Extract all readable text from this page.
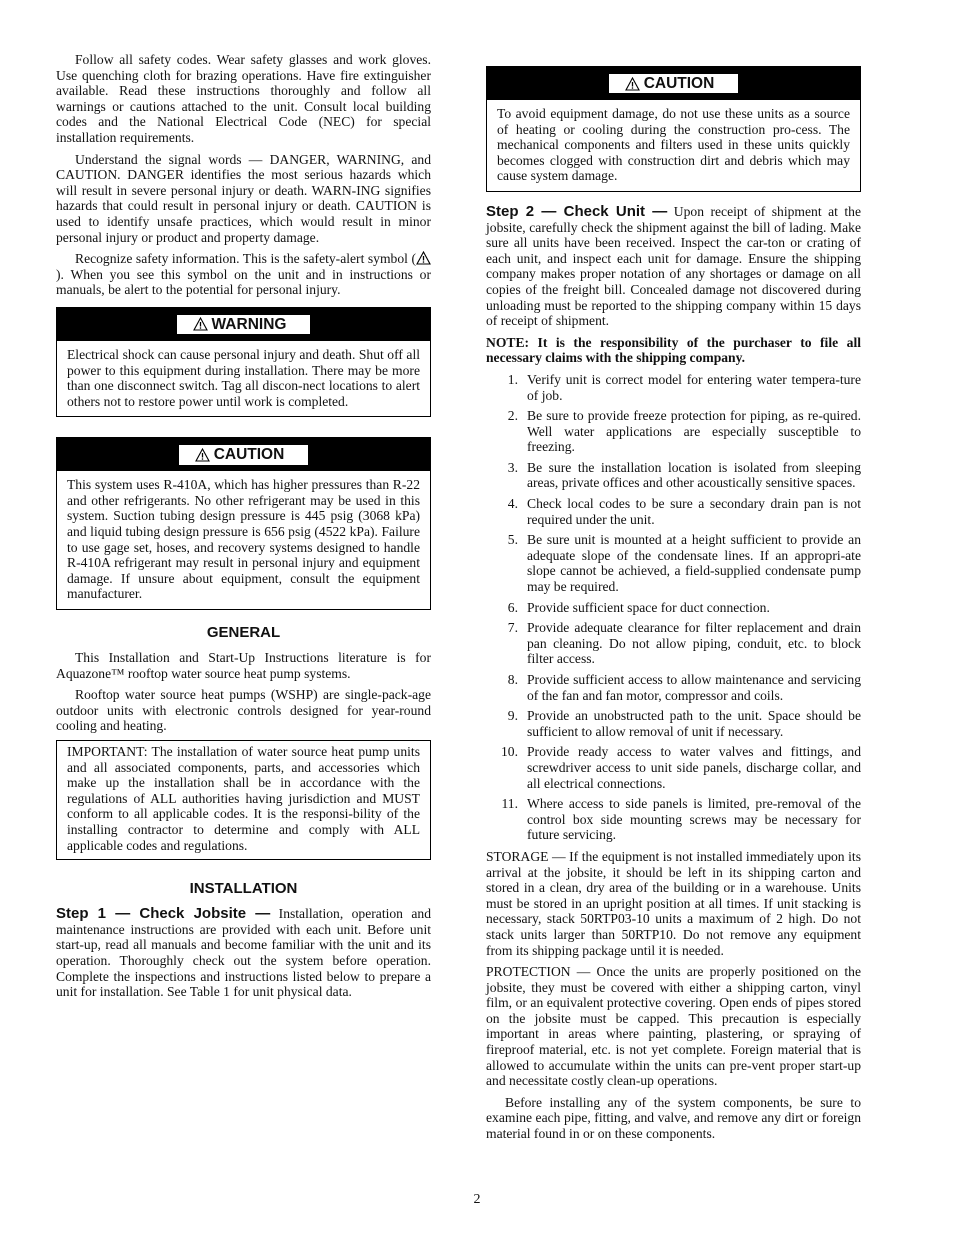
Follow all safety codes. Wear safety glasses and work gloves. Use quenching cloth for brazing operations. Have fire extinguisher available. Read these instructions thoroughly and follow all warnings or cautions attached to the unit. Consult local building codes and the National Electrical Code (NEC) for special installation requirements.

Understand the signal words — DANGER, WARNING, and CAUTION. DANGER identifies the most serious hazards which will result in severe personal injury or death. WARN-ING signifies hazards that could result in personal injury or death. CAUTION is used to identify unsafe practices, which would result in minor personal injury or product and property damage.

Recognize safety information. This is the safety-alert symbol (). When you see this symbol on the unit and in instructions or manuals, be alert to the potential for personal injury.

WARNING
Electrical shock can cause personal injury and death. Shut off all power to this equipment during installation. There may be more than one disconnect switch. Tag all discon-nect locations to alert others not to restore power until work is completed.
CAUTION
This system uses R-410A, which has higher pressures than R-22 and other refrigerants. No other refrigerant may be used in this system. Suction tubing design pressure is 445 psig (3068 kPa) and liquid tubing design pressure is 656 psig (4522 kPa). Failure to use gage set, hoses, and recovery systems designed to handle R-410A refrigerant may result in personal injury and equipment damage. If unsure about equipment, consult the equipment manufacturer.
GENERAL

This Installation and Start-Up Instructions literature is for Aquazone™ rooftop water source heat pump systems.

Rooftop water source heat pumps (WSHP) are single-pack-age outdoor units with electronic controls designed for year-round cooling and heating.

IMPORTANT: The installation of water source heat pump units and all associated components, parts, and accessories which make up the installation shall be in accordance with the regulations of ALL authorities having jurisdiction and MUST conform to all applicable codes. It is the responsi-bility of the installing contractor to determine and comply with ALL applicable codes and regulations.
INSTALLATION

Step 1 — Check Jobsite — Installation, operation and maintenance instructions are provided with each unit. Before unit start-up, read all manuals and become familiar with the unit and its operation. Thoroughly check out the system before operation. Complete the inspections and instructions listed below to prepare a unit for installation. See Table 1 for unit physical data.

CAUTION
To avoid equipment damage, do not use these units as a source of heating or cooling during the construction pro-cess. The mechanical components and filters used in these units quickly becomes clogged with construction dirt and debris which may cause system damage.

Step 2 — Check Unit — Upon receipt of shipment at the jobsite, carefully check the shipment against the bill of lading. Make sure all units have been received. Inspect the car-ton or crating of each unit, and inspect each unit for damage. Ensure the shipping company makes proper notation of any shortages or damage on all copies of the freight bill. Concealed damage not discovered during unloading must be reported to the shipping company within 15 days of receipt of shipment.

NOTE: It is the responsibility of the purchaser to file all necessary claims with the shipping company.

1. Verify unit is correct model for entering water tempera-ture of job.
2. Be sure to provide freeze protection for piping, as re-quired. Well water applications are especially susceptible to freezing.
3. Be sure the installation location is isolated from sleeping areas, private offices and other acoustically sensitive spaces.
4. Check local codes to be sure a secondary drain pan is not required under the unit.
5. Be sure unit is mounted at a height sufficient to provide an adequate slope of the condensate lines. If an appropri-ate slope cannot be achieved, a field-supplied condensate pump may be required.
6. Provide sufficient space for duct connection.
7. Provide adequate clearance for filter replacement and drain pan cleaning. Do not allow piping, conduit, etc. to block filter access.
8. Provide sufficient access to allow maintenance and servicing of the fan and fan motor, compressor and coils.
9. Provide an unobstructed path to the unit. Space should be sufficient to allow removal of unit if necessary.
10. Provide ready access to water valves and fittings, and screwdriver access to unit side panels, discharge collar, and all electrical connections.
11. Where access to side panels is limited, pre-removal of the control box side mounting screws may be necessary for future servicing.

STORAGE — If the equipment is not installed immediately upon its arrival at the jobsite, it should be left in its shipping carton and stored in a clean, dry area of the building or in a warehouse. Units must be stored in an upright position at all times. If unit stacking is necessary, stack 50RTP03-10 units a maximum of 2 high. Do not stack units larger than 50RTP10. Do not remove any equipment from its shipping package until it is needed.

PROTECTION — Once the units are properly positioned on the jobsite, they must be covered with either a shipping carton, vinyl film, or an equivalent protective covering. Open ends of pipes stored on the jobsite must be capped. This precaution is especially important in areas where painting, plastering, or spraying of fireproof material, etc. is not yet complete. Foreign material that is allowed to accumulate within the units can pre-vent proper start-up and necessitate costly clean-up operations.

Before installing any of the system components, be sure to examine each pipe, fitting, and valve, and remove any dirt or foreign material found in or on these components.

2
